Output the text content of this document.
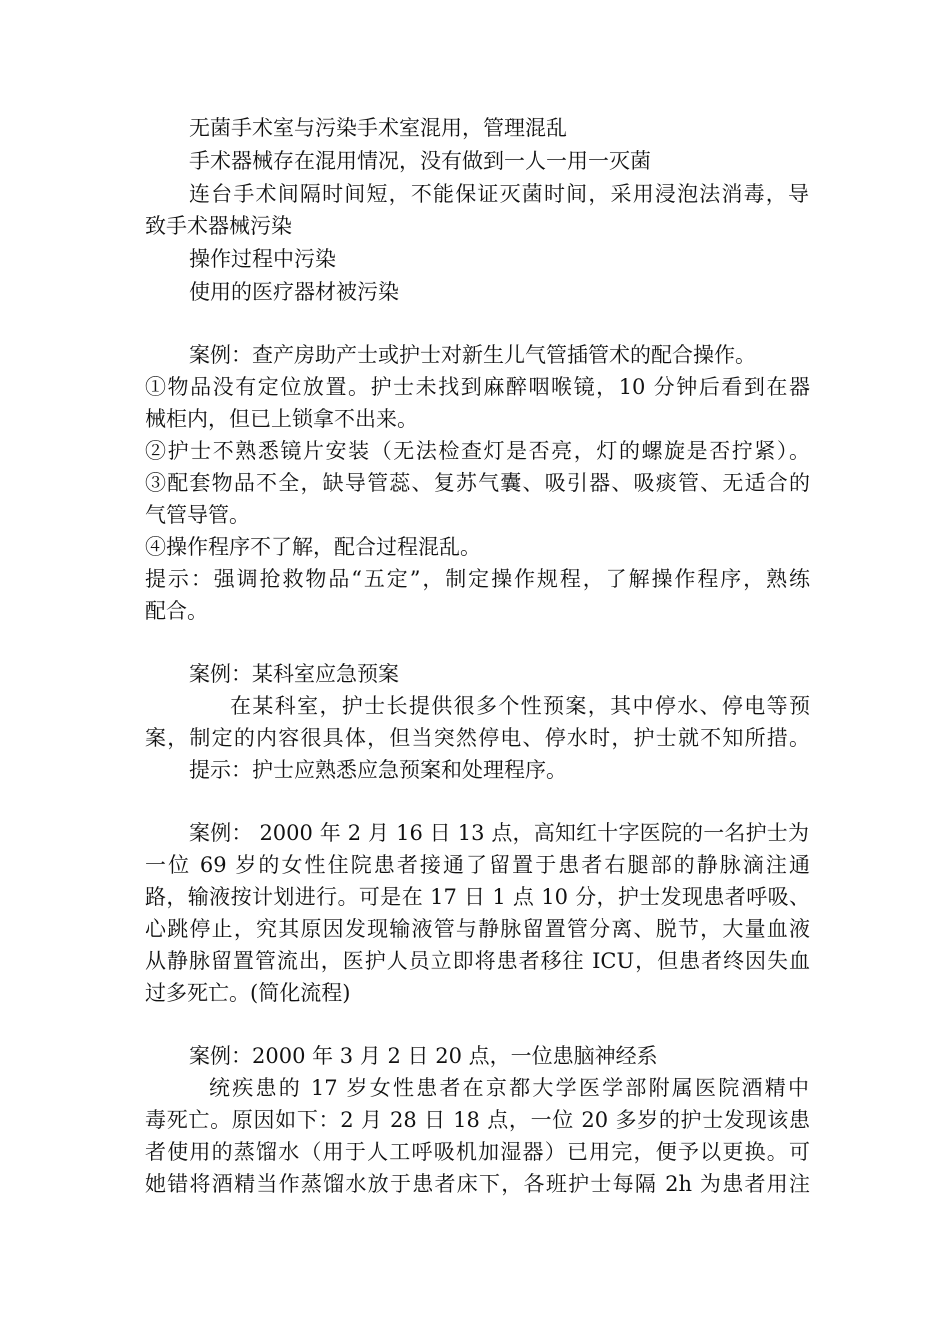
无菌手术室与污染手术室混用，管理混乱
手术器械存在混用情况，没有做到一人一用一灭菌
连台手术间隔时间短，不能保证灭菌时间，采用浸泡法消毒，导
致手术器械污染
操作过程中污染
使用的医疗器材被污染
案例：查产房助产士或护士对新生儿气管插管术的配合操作。
①物品没有定位放置。护士未找到麻醉咽喉镜，10 分钟后看到在器
械柜内，但已上锁拿不出来。
②护士不熟悉镜片安装（无法检查灯是否亮，灯的螺旋是否拧紧）。
③配套物品不全，缺导管蕊、复苏气囊、吸引器、吸痰管、无适合的
气管导管。
④操作程序不了解，配合过程混乱。
提示：强调抢救物品“五定”，制定操作规程，了解操作程序，熟练
配合。
案例：某科室应急预案
在某科室，护士长提供很多个性预案，其中停水、停电等预
案，制定的内容很具体，但当突然停电、停水时，护士就不知所措。
提示：护士应熟悉应急预案和处理程序。
案例： 2000 年 2 月 16 日 13 点，高知红十字医院的一名护士为
一位 69 岁的女性住院患者接通了留置于患者右腿部的静脉滴注通
路，输液按计划进行。可是在 17 日 1 点 10 分，护士发现患者呼吸、
心跳停止，究其原因发现输液管与静脉留置管分离、脱节，大量血液
从静脉留置管流出，医护人员立即将患者移往 ICU，但患者终因失血
过多死亡。(简化流程)
案例：2000 年 3 月 2 日 20 点，一位患脑神经系
统疾患的 17 岁女性患者在京都大学医学部附属医院酒精中
毒死亡。原因如下：2 月 28 日 18 点，一位 20 多岁的护士发现该患
者使用的蒸馏水（用于人工呼吸机加湿器）已用完，便予以更换。可
她错将酒精当作蒸馏水放于患者床下，各班护士每隔 2h 为患者用注
